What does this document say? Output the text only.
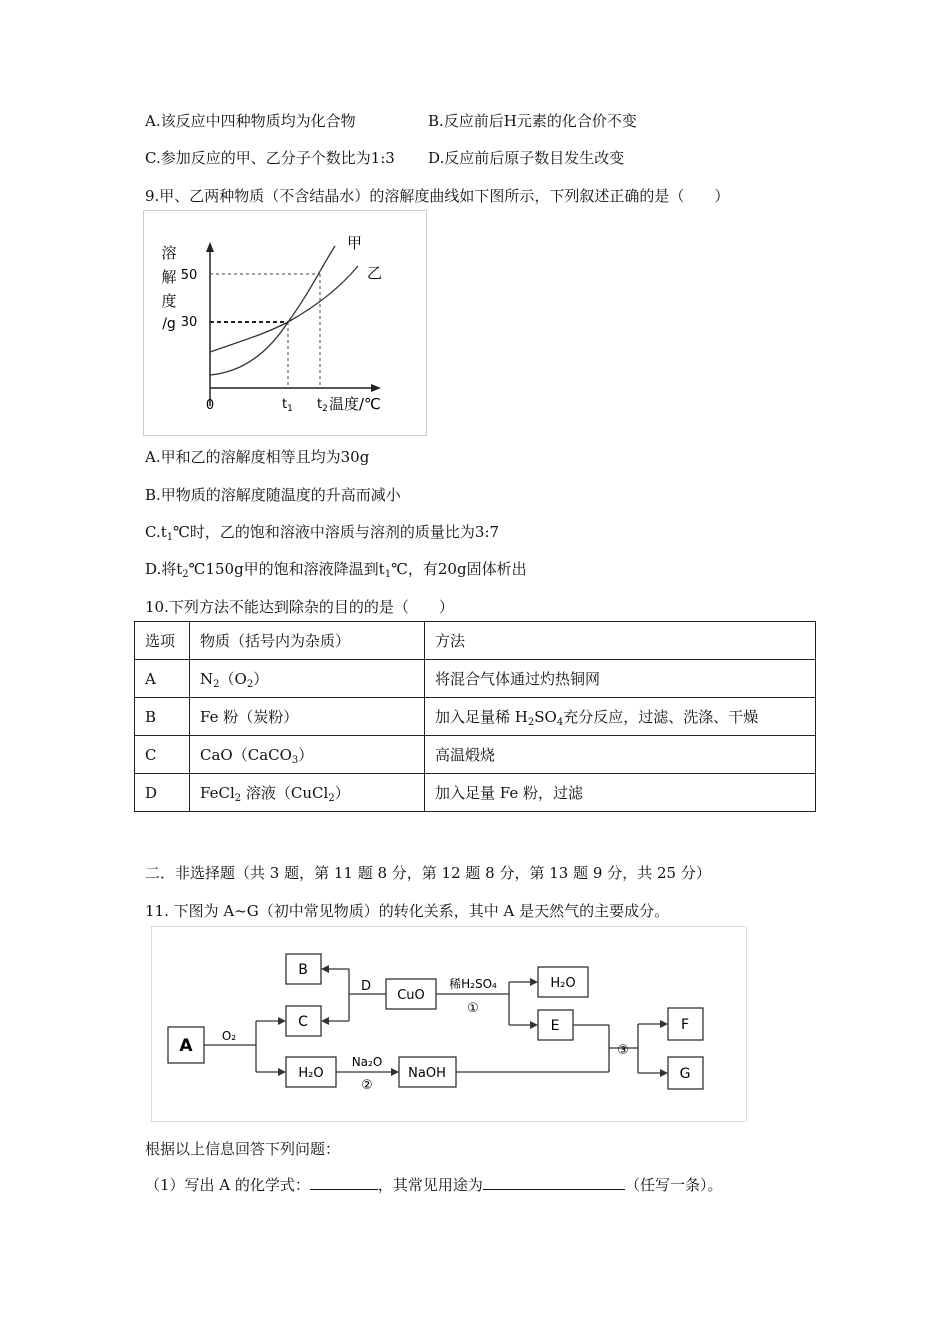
A.该反应中四种物质均为化合物	B.反应前后H元素的化合价不变
C.参加反应的甲、乙分子个数比为1:3 D.反应前后原子数目发生改变
9.甲、乙两种物质（不含结晶水）的溶解度曲线如下图所示，下列叙述正确的是（　　）
溶
解
度
/g
50
30
0
甲
乙
$t_1$ $t_2$ 温度/℃
A.甲和乙的溶解度相等且均为30g
B.甲物质的溶解度随温度的升高而减小
$C.t_1℃$时，乙的饱和溶液中溶质与溶剂的质量比为3:7
D.将$t_2℃150g$甲的饱和溶液降温到$t_1℃$，有20g固体析出
10.下列方法不能达到除杂的目的的是（　　）
选项	物质（括号内为杂质）	方法
A	$N_2(O_2)$	将混合气体通过灼热铜网
B	Fe 粉（炭粉）	加入足量稀 $H_2SO_4$充分反应，过滤、洗涤、干燥
C	CaO（CaCO$_3$）	高温煅烧
D	FeCl$_2$ 溶液（CuCl$_2$）	加入足量 Fe 粉，过滤
二．非选择题（共 3 题，第 11 题 8 分，第 12 题 8 分，第 13 题 9 分，共 25 分）
11. 下图为 A~G（初中常见物质）的转化关系，其中 A 是天然气的主要成分。
A
B
C
H₂O
CuO
H₂O
E
NaOH
F
G
D
O₂
稀H₂SO₄
①
Na₂O
②
③
根据以上信息回答下列问题：
（1）写出 A 的化学式：	，其常见用途为	（任写一条）。
